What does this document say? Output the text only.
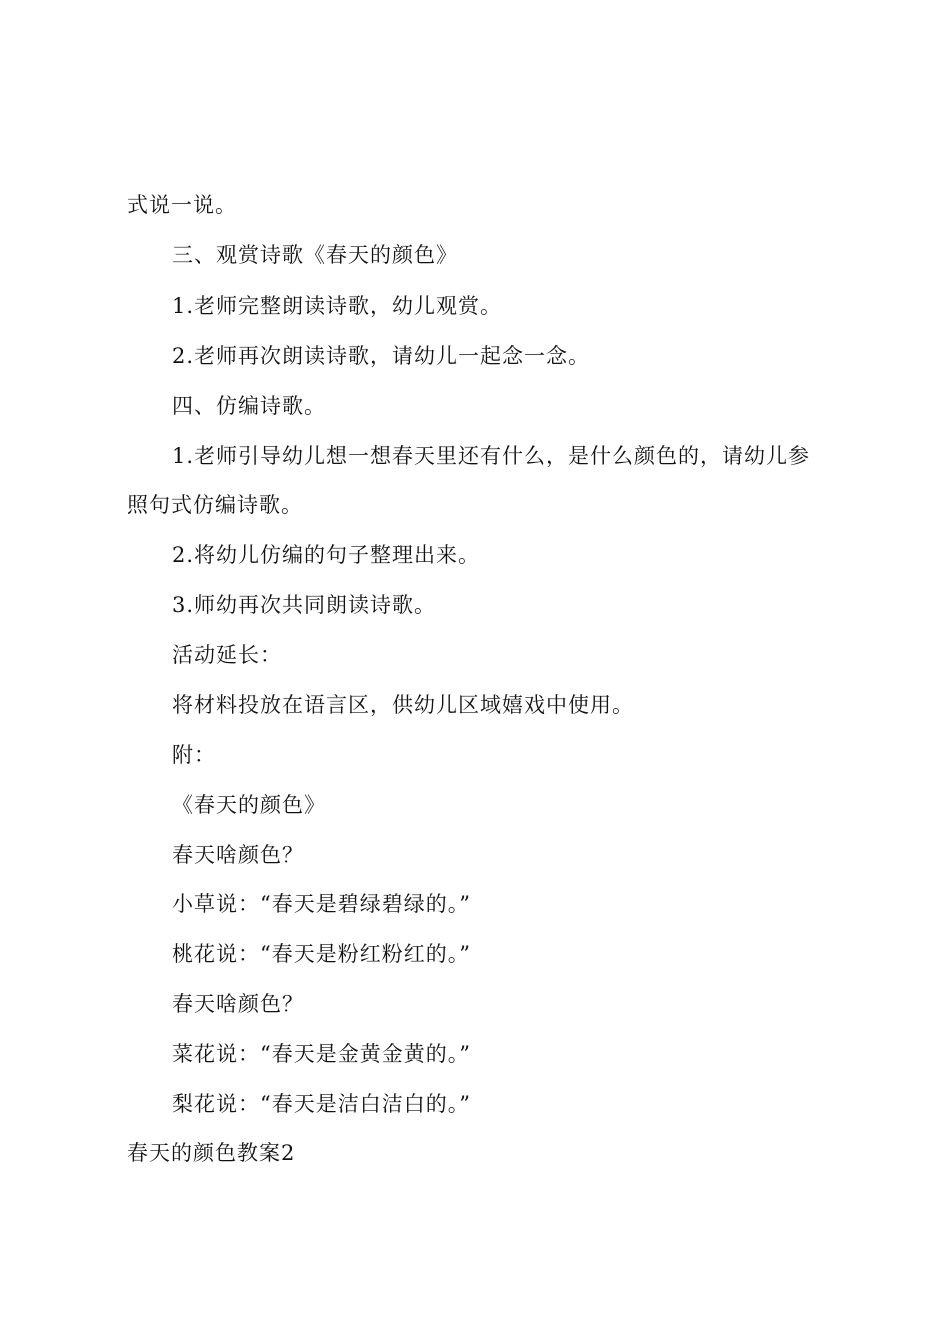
式说一说。
三、观赏诗歌《春天的颜色》
1.老师完整朗读诗歌，幼儿观赏。
2.老师再次朗读诗歌，请幼儿一起念一念。
四、仿编诗歌。
1.老师引导幼儿想一想春天里还有什么，是什么颜色的，请幼儿参
照句式仿编诗歌。
2.将幼儿仿编的句子整理出来。
3.师幼再次共同朗读诗歌。
活动延长：
将材料投放在语言区，供幼儿区域嬉戏中使用。
附：
《春天的颜色》
春天啥颜色？
小草说：“春天是碧绿碧绿的。”
桃花说：“春天是粉红粉红的。”
春天啥颜色？
菜花说：“春天是金黄金黄的。”
梨花说：“春天是洁白洁白的。”
春天的颜色教案2
